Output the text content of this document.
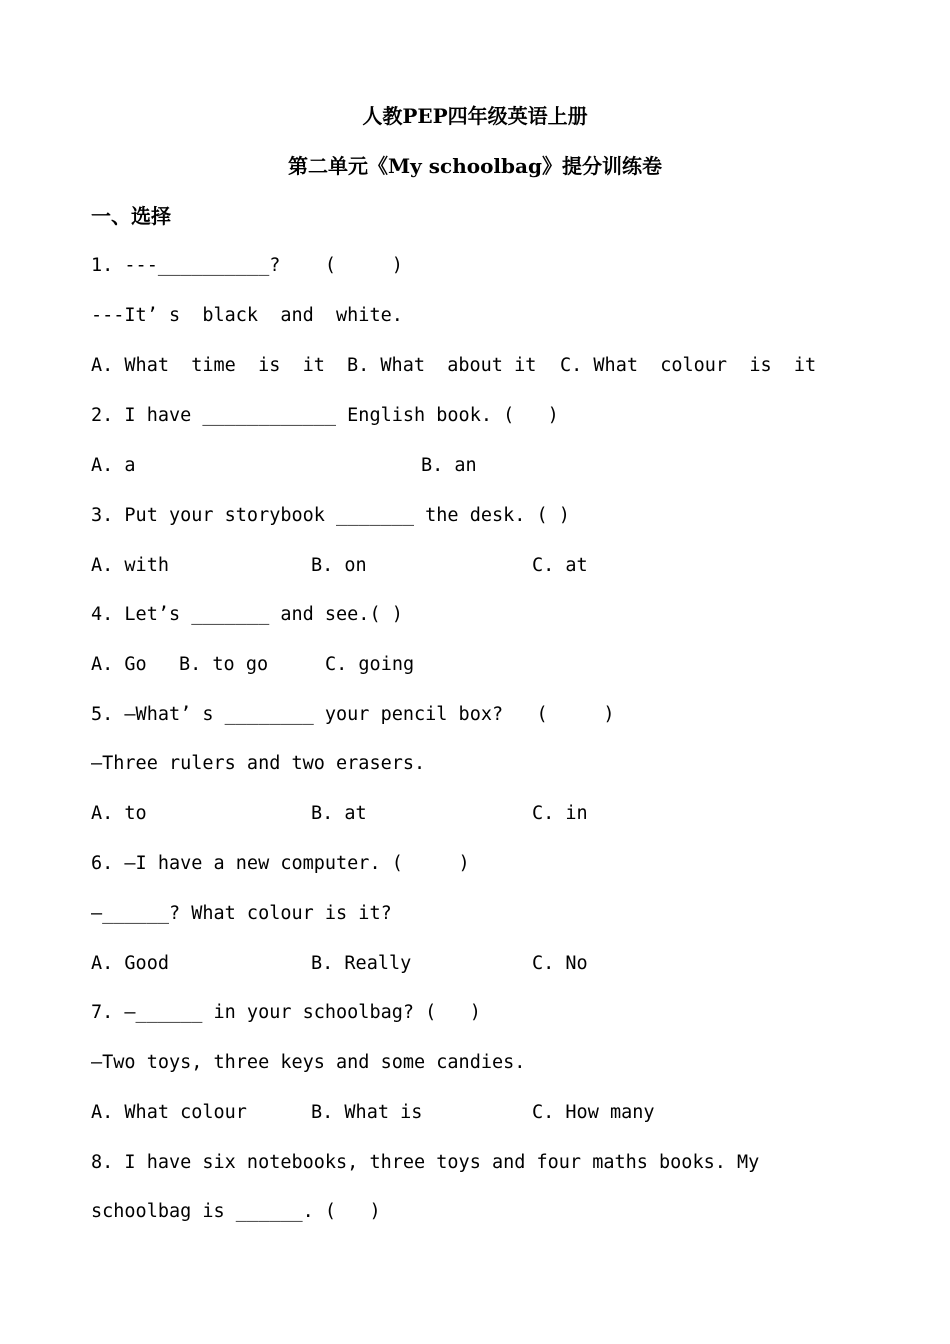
人教PEP四年级英语上册
第二单元《My schoolbag》提分训练卷
一、选择
1. ---__________?    (     )
---It’ s  black  and  white.
A. What  time  is  it B. What  about it C. What  colour  is  it
2. I have ____________ English book. (   )
A. a	B. an
3. Put your storybook _______ the desk. ( )
A. with	B. on	C. at
4. Let’s _______ and see.( )
A. Go B. to go	C. going
5. —What’ s ________ your pencil box?   (     )
—Three rulers and two erasers.
A. to	B. at	C. in
6. —I have a new computer. (     )
—______? What colour is it?
A. Good	B. Really	C. No
7. —______ in your schoolbag? (   )
—Two toys, three keys and some candies.
A. What colour	B. What is	C. How many
8. I have six notebooks, three toys and four maths books. My
schoolbag is ______. (   )
